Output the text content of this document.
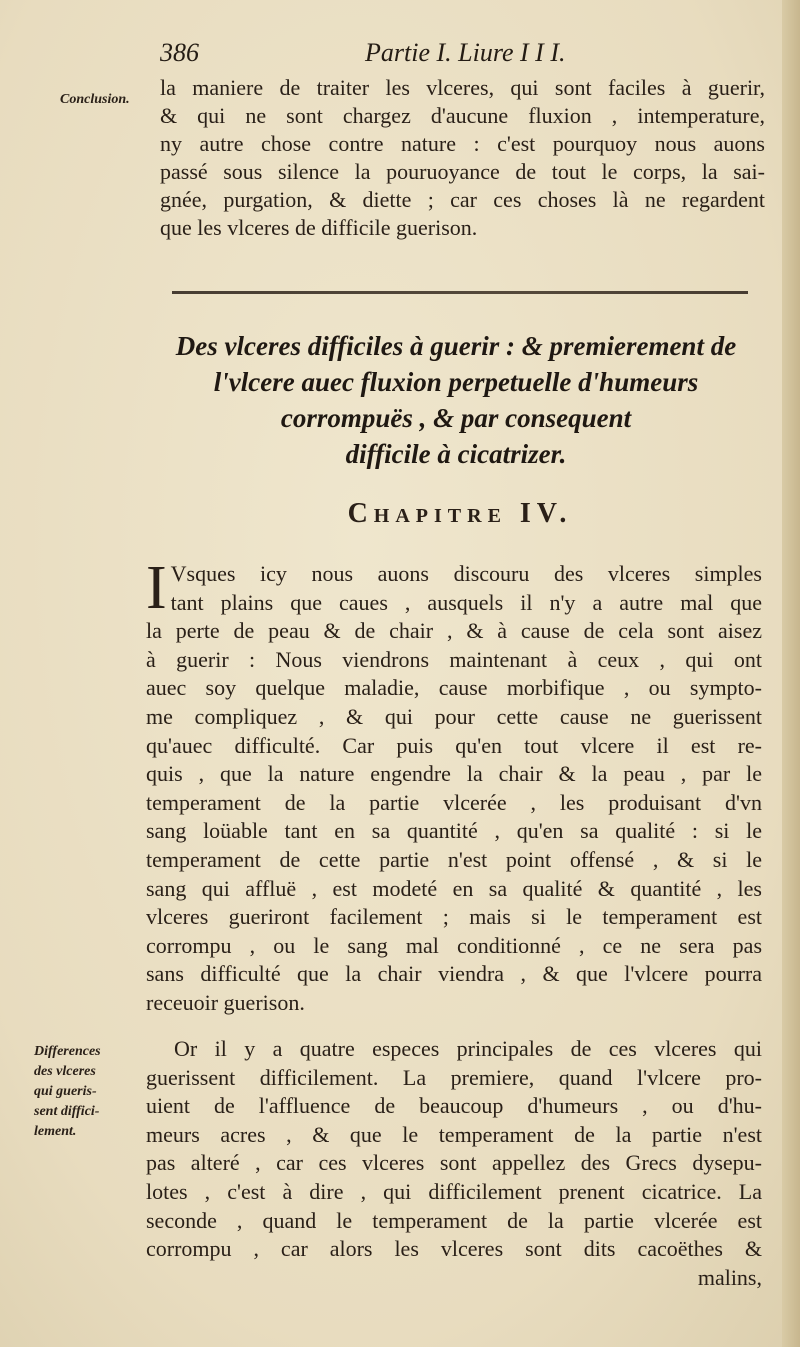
386	Partie I. Liure I I I.
Conclusion. la maniere de traiter les vlceres, qui sont faciles à guerir,
& qui ne sont chargez d'aucune fluxion , intemperature,
ny autre chose contre nature : c'est pourquoy nous auons
passé sous silence la pouruoyance de tout le corps, la sai-
gnée, purgation, & diette ; car ces choses là ne regardent
que les vlceres de difficile guerison.
Des vlceres difficiles à guerir : & premierement de
l'vlcere auec fluxion perpetuelle d'humeurs
corrompuës , & par consequent
difficile à cicatrizer.
Chapitre IV.
I Vsques icy nous auons discouru des vlceres simples
tant plains que caues , ausquels il n'y a autre mal que
la perte de peau & de chair , & à cause de cela sont aisez
à guerir : Nous viendrons maintenant à ceux , qui ont
auec soy quelque maladie, cause morbifique , ou sympto-
me compliquez , & qui pour cette cause ne guerissent
qu'auec difficulté. Car puis qu'en tout vlcere il est re-
quis , que la nature engendre la chair & la peau , par le
temperament de la partie vlcerée , les produisant d'vn
sang loüable tant en sa quantité , qu'en sa qualité : si le
temperament de cette partie n'est point offensé , & si le
sang qui affluë , est modeté en sa qualité & quantité , les
vlceres gueriront facilement ; mais si le temperament est
corrompu , ou le sang mal conditionné , ce ne sera pas
sans difficulté que la chair viendra , & que l'vlcere pourra
receuoir guerison.
Differences
des vlceres
qui gueris-
sent diffici-
lement.
Or il y a quatre especes principales de ces vlceres qui
guerissent difficilement. La premiere, quand l'vlcere pro-
uient de l'affluence de beaucoup d'humeurs , ou d'hu-
meurs acres , & que le temperament de la partie n'est
pas alteré , car ces vlceres sont appellez des Grecs dysepu-
lotes , c'est à dire , qui difficilement prenent cicatrice. La
seconde , quand le temperament de la partie vlcerée est
corrompu , car alors les vlceres sont dits cacoëthes &
malins,
